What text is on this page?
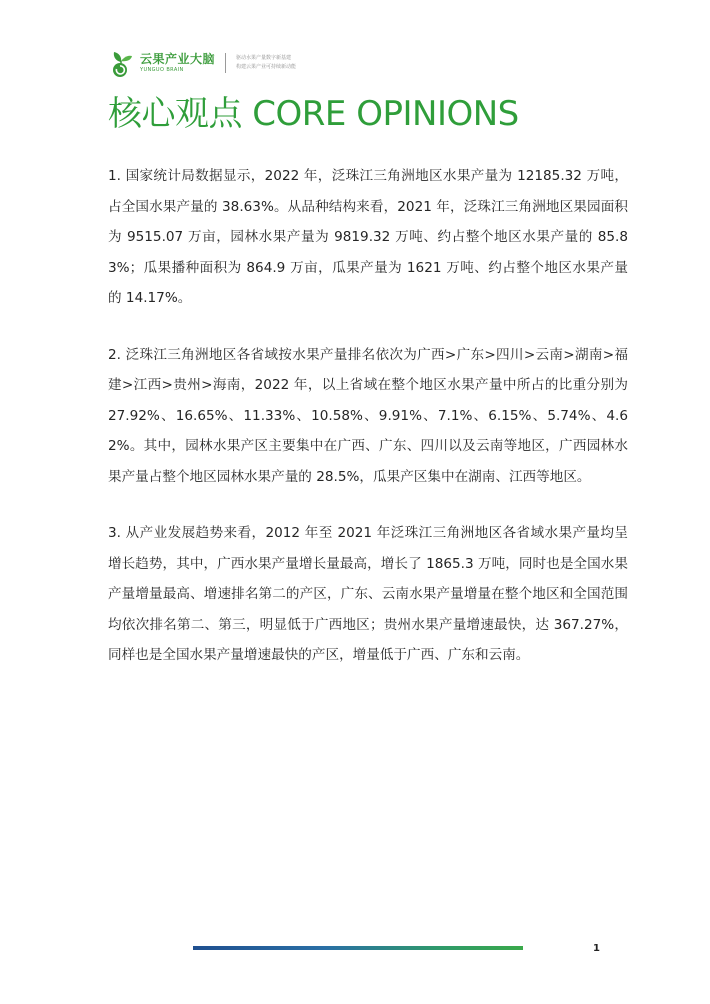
云果产业大脑
YUNGUO BRAIN
驱动水果产量数字新基建
构建云果产业可持续新动能
核心观点 CORE OPINIONS

1. 国家统计局数据显示，2022 年，泛珠江三角洲地区水果产量为 12185.32 万吨，占全国水果产量的 38.63%。从品种结构来看，2021 年，泛珠江三角洲地区果园面积为 9515.07 万亩，园林水果产量为 9819.32 万吨、约占整个地区水果产量的 85.83%；瓜果播种面积为 864.9 万亩，瓜果产量为 1621 万吨、约占整个地区水果产量的 14.17%。

2. 泛珠江三角洲地区各省域按水果产量排名依次为广西>广东>四川>云南>湖南>福建>江西>贵州>海南，2022 年，以上省域在整个地区水果产量中所占的比重分别为 27.92%、16.65%、11.33%、10.58%、9.91%、7.1%、6.15%、5.74%、4.62%。其中，园林水果产区主要集中在广西、广东、四川以及云南等地区，广西园林水果产量占整个地区园林水果产量的 28.5%，瓜果产区集中在湖南、江西等地区。

3. 从产业发展趋势来看，2012 年至 2021 年泛珠江三角洲地区各省域水果产量均呈增长趋势，其中，广西水果产量增长量最高，增长了 1865.3 万吨，同时也是全国水果产量增量最高、增速排名第二的产区，广东、云南水果产量增量在整个地区和全国范围均依次排名第二、第三，明显低于广西地区；贵州水果产量增速最快，达 367.27%，同样也是全国水果产量增速最快的产区，增量低于广西、广东和云南。

1
